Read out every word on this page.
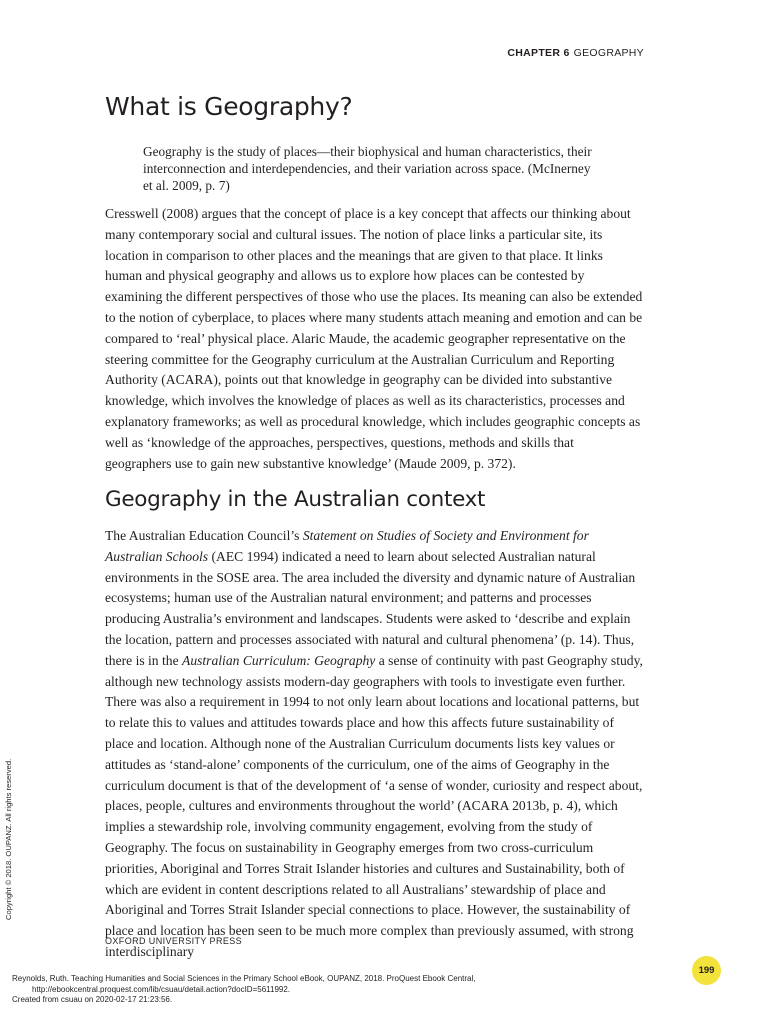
CHAPTER 6 GEOGRAPHY
What is Geography?

Geography is the study of places—their biophysical and human characteristics, their interconnection and interdependencies, and their variation across space. (McInerney et al. 2009, p. 7)

Cresswell (2008) argues that the concept of place is a key concept that affects our thinking about many contemporary social and cultural issues. The notion of place links a particular site, its location in comparison to other places and the meanings that are given to that place. It links human and physical geography and allows us to explore how places can be contested by examining the different perspectives of those who use the places. Its meaning can also be extended to the notion of cyberplace, to places where many students attach meaning and emotion and can be compared to ‘real’ physical place. Alaric Maude, the academic geographer representative on the steering committee for the Geography curriculum at the Australian Curriculum and Reporting Authority (ACARA), points out that knowledge in geography can be divided into substantive knowledge, which involves the knowledge of places as well as its characteristics, processes and explanatory frameworks; as well as procedural knowledge, which includes geographic concepts as well as ‘knowledge of the approaches, perspectives, questions, methods and skills that geographers use to gain new substantive knowledge’ (Maude 2009, p. 372).

Geography in the Australian context

The Australian Education Council’s Statement on Studies of Society and Environment for Australian Schools (AEC 1994) indicated a need to learn about selected Australian natural environments in the SOSE area. The area included the diversity and dynamic nature of Australian ecosystems; human use of the Australian natural environment; and patterns and processes producing Australia’s environment and landscapes. Students were asked to ‘describe and explain the location, pattern and processes associated with natural and cultural phenomena’ (p. 14). Thus, there is in the Australian Curriculum: Geography a sense of continuity with past Geography study, although new technology assists modern-day geographers with tools to investigate even further. There was also a requirement in 1994 to not only learn about locations and locational patterns, but to relate this to values and attitudes towards place and how this affects future sustainability of place and location. Although none of the Australian Curriculum documents lists key values or attitudes as ‘stand-alone’ components of the curriculum, one of the aims of Geography in the curriculum document is that of the development of ‘a sense of wonder, curiosity and respect about, places, people, cultures and environments throughout the world’ (ACARA 2013b, p. 4), which implies a stewardship role, involving community engagement, evolving from the study of Geography. The focus on sustainability in Geography emerges from two cross-curriculum priorities, Aboriginal and Torres Strait Islander histories and cultures and Sustainability, both of which are evident in content descriptions related to all Australians’ stewardship of place and Aboriginal and Torres Strait Islander special connections to place. However, the sustainability of place and location has been seen to be much more complex than previously assumed, with strong interdisciplinary

Copyright © 2018. OUPANZ. All rights reserved.
OXFORD UNIVERSITY PRESS
199

Reynolds, Ruth. Teaching Humanities and Social Sciences in the Primary School eBook, OUPANZ, 2018. ProQuest Ebook Central,
http://ebookcentral.proquest.com/lib/csuau/detail.action?docID=5611992.
Created from csuau on 2020-02-17 21:23:56.
